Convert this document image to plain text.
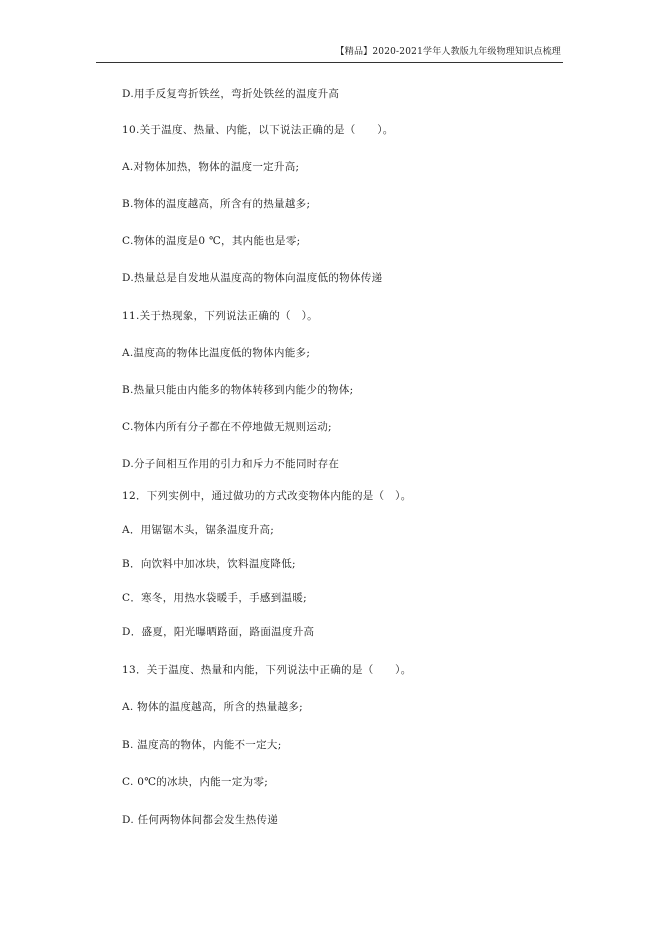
【精品】2020-2021学年人教版九年级物理知识点梳理
D.用手反复弯折铁丝，弯折处铁丝的温度升高
10.关于温度、热量、内能，以下说法正确的是（　　）。
A.对物体加热，物体的温度一定升高;
B.物体的温度越高，所含有的热量越多;
C.物体的温度是0 ℃，其内能也是零;
D.热量总是自发地从温度高的物体向温度低的物体传递
11.关于热现象，下列说法正确的（　）。
A.温度高的物体比温度低的物体内能多;
B.热量只能由内能多的物体转移到内能少的物体;
C.物体内所有分子都在不停地做无规则运动;
D.分子间相互作用的引力和斥力不能同时存在
12．下列实例中，通过做功的方式改变物体内能的是（　）。
A．用锯锯木头，锯条温度升高;
B．向饮料中加冰块，饮料温度降低;
C．寒冬，用热水袋暖手，手感到温暖;
D．盛夏，阳光曝晒路面，路面温度升高
13．关于温度、热量和内能，下列说法中正确的是（　　）。
A. 物体的温度越高，所含的热量越多;
B. 温度高的物体，内能不一定大;
C. 0℃的冰块，内能一定为零;
D. 任何两物体间都会发生热传递
